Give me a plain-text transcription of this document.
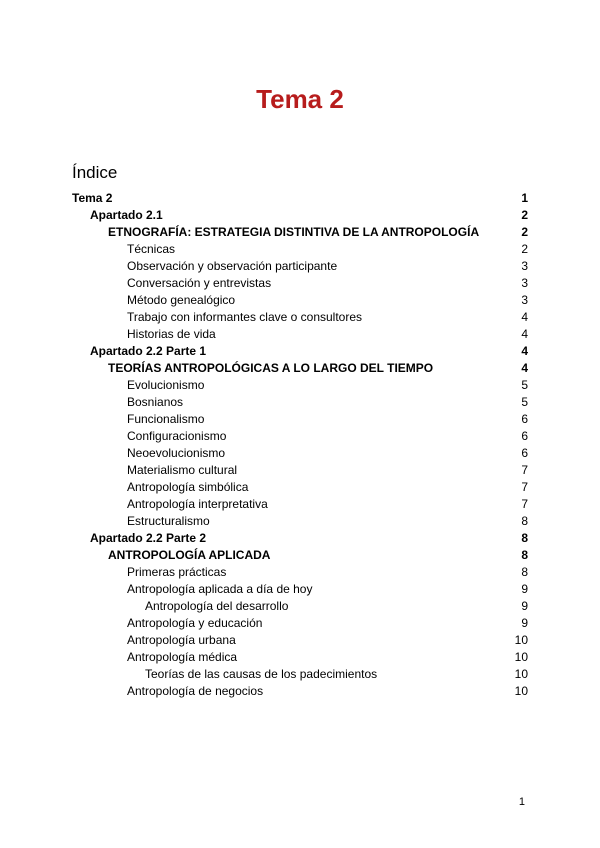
Tema 2
Índice
Tema 2	1
Apartado 2.1	2
ETNOGRAFÍA: ESTRATEGIA DISTINTIVA DE LA ANTROPOLOGÍA	2
Técnicas	2
Observación y observación participante	3
Conversación y entrevistas	3
Método genealógico	3
Trabajo con informantes clave o consultores	4
Historias de vida	4
Apartado 2.2 Parte 1	4
TEORÍAS ANTROPOLÓGICAS A LO LARGO DEL TIEMPO	4
Evolucionismo	5
Bosnianos	5
Funcionalismo	6
Configuracionismo	6
Neoevolucionismo	6
Materialismo cultural	7
Antropología simbólica	7
Antropología interpretativa	7
Estructuralismo	8
Apartado 2.2 Parte 2	8
ANTROPOLOGÍA APLICADA	8
Primeras prácticas	8
Antropología aplicada a día de hoy	9
Antropología del desarrollo	9
Antropología y educación	9
Antropología urbana	10
Antropología médica	10
Teorías de las causas de los padecimientos	10
Antropología de negocios	10
1
